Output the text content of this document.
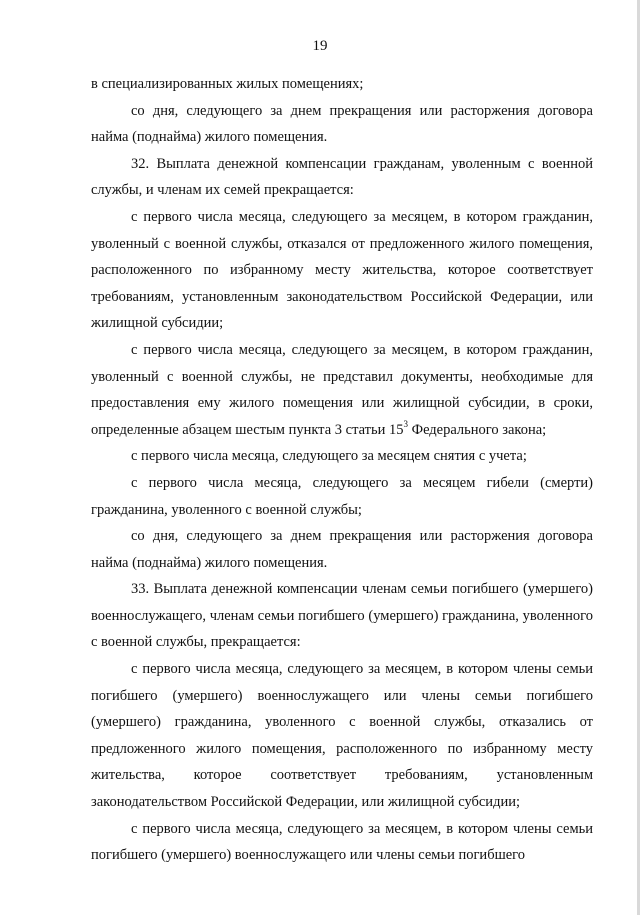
19

в специализированных жилых помещениях;

со дня, следующего за днем прекращения или расторжения договора найма (поднайма) жилого помещения.

32. Выплата денежной компенсации гражданам, уволенным с военной службы, и членам их семей прекращается:

с первого числа месяца, следующего за месяцем, в котором гражданин, уволенный с военной службы, отказался от предложенного жилого помещения, расположенного по избранному месту жительства, которое соответствует требованиям, установленным законодательством Российской Федерации, или жилищной субсидии;

с первого числа месяца, следующего за месяцем, в котором гражданин, уволенный с военной службы, не представил документы, необходимые для предоставления ему жилого помещения или жилищной субсидии, в сроки, определенные абзацем шестым пункта 3 статьи $15^3$ Федерального закона;

с первого числа месяца, следующего за месяцем снятия с учета;

с первого числа месяца, следующего за месяцем гибели (смерти) гражданина, уволенного с военной службы;

со дня, следующего за днем прекращения или расторжения договора найма (поднайма) жилого помещения.

33. Выплата денежной компенсации членам семьи погибшего (умершего) военнослужащего, членам семьи погибшего (умершего) гражданина, уволенного с военной службы, прекращается:

с первого числа месяца, следующего за месяцем, в котором члены семьи погибшего (умершего) военнослужащего или члены семьи погибшего (умершего) гражданина, уволенного с военной службы, отказались от предложенного жилого помещения, расположенного по избранному месту жительства, которое соответствует требованиям, установленным законодательством Российской Федерации, или жилищной субсидии;

с первого числа месяца, следующего за месяцем, в котором члены семьи погибшего (умершего) военнослужащего или члены семьи погибшего
